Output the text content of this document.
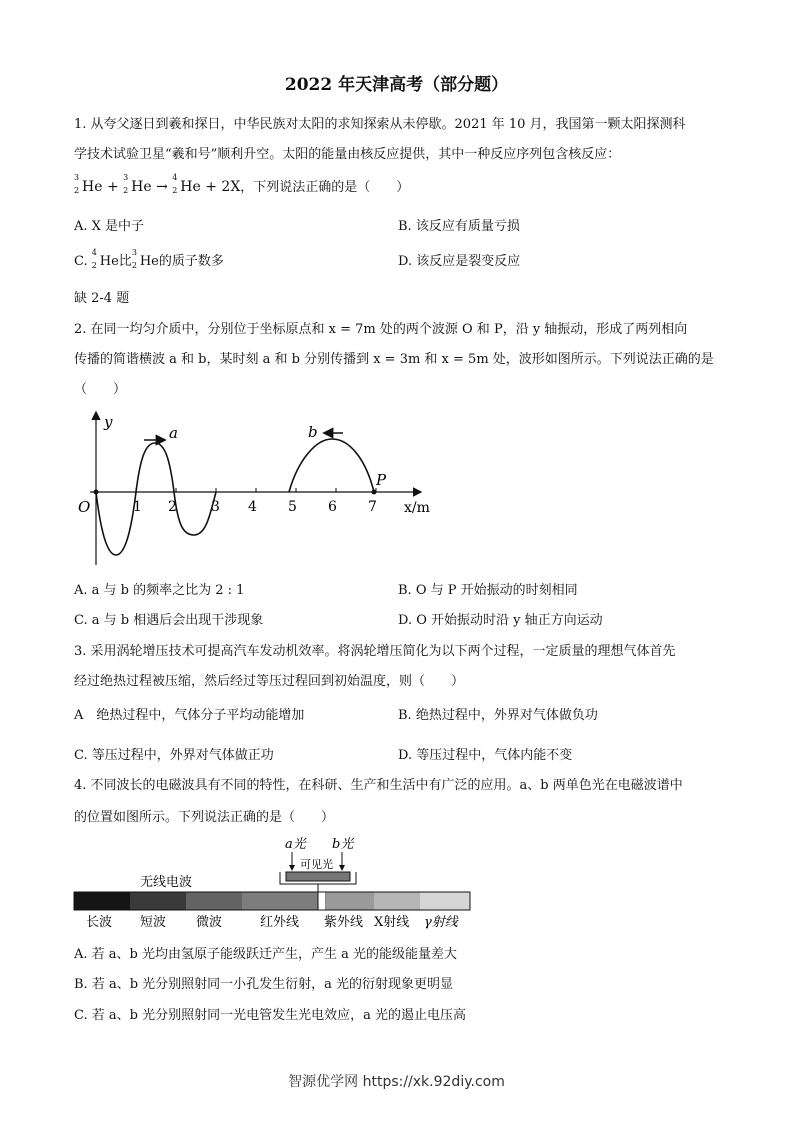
2022 年天津高考（部分题）
1. 从夸父逐日到羲和探日，中华民族对太阳的求知探索从未停歇。2021 年 10 月，我国第一颗太阳探测科
学技术试验卫星“羲和号”顺利升空。太阳的能量由核反应提供，其中一种反应序列包含核反应：
3
2 He +
3
2 He →
4
2 He + 2X，下列说法正确的是（　　）
A. X 是中子	B. 该反应有质量亏损
C.
4
2 He比
3
2 He的质子数多	D. 该反应是裂变反应
缺 2-4 题
2. 在同一均匀介质中，分别位于坐标原点和 x = 7m 处的两个波源 O 和 P，沿 y 轴振动，形成了两列相向
传播的简谐横波 a 和 b，某时刻 a 和 b 分别传播到 x = 3m 和 x = 5m 处，波形如图所示。下列说法正确的是
（　　）
y
x/m
O	1 2 3 4 5 6 7
a	b
P
A. a 与 b 的频率之比为 2 : 1	B. O 与 P 开始振动的时刻相同
C. a 与 b 相遇后会出现干涉现象	D. O 开始振动时沿 y 轴正方向运动
3. 采用涡轮增压技术可提高汽车发动机效率。将涡轮增压简化为以下两个过程，一定质量的理想气体首先
经过绝热过程被压缩，然后经过等压过程回到初始温度，则（　　）
A　绝热过程中，气体分子平均动能增加	B. 绝热过程中，外界对气体做负功
C. 等压过程中，外界对气体做正功	D. 等压过程中，气体内能不变
4. 不同波长的电磁波具有不同的特性，在科研、生产和生活中有广泛的应用。a、b 两单色光在电磁波谱中
的位置如图所示。下列说法正确的是（　　）
a光 b光
可见光
无线电波
长波 短波 微波	红外线 紫外线 X射线 γ射线
A. 若 a、b 光均由氢原子能级跃迁产生，产生 a 光的能级能量差大
B. 若 a、b 光分别照射同一小孔发生衍射，a 光的衍射现象更明显
C. 若 a、b 光分别照射同一光电管发生光电效应，a 光的遏止电压高
智源优学网 https://xk.92diy.com
